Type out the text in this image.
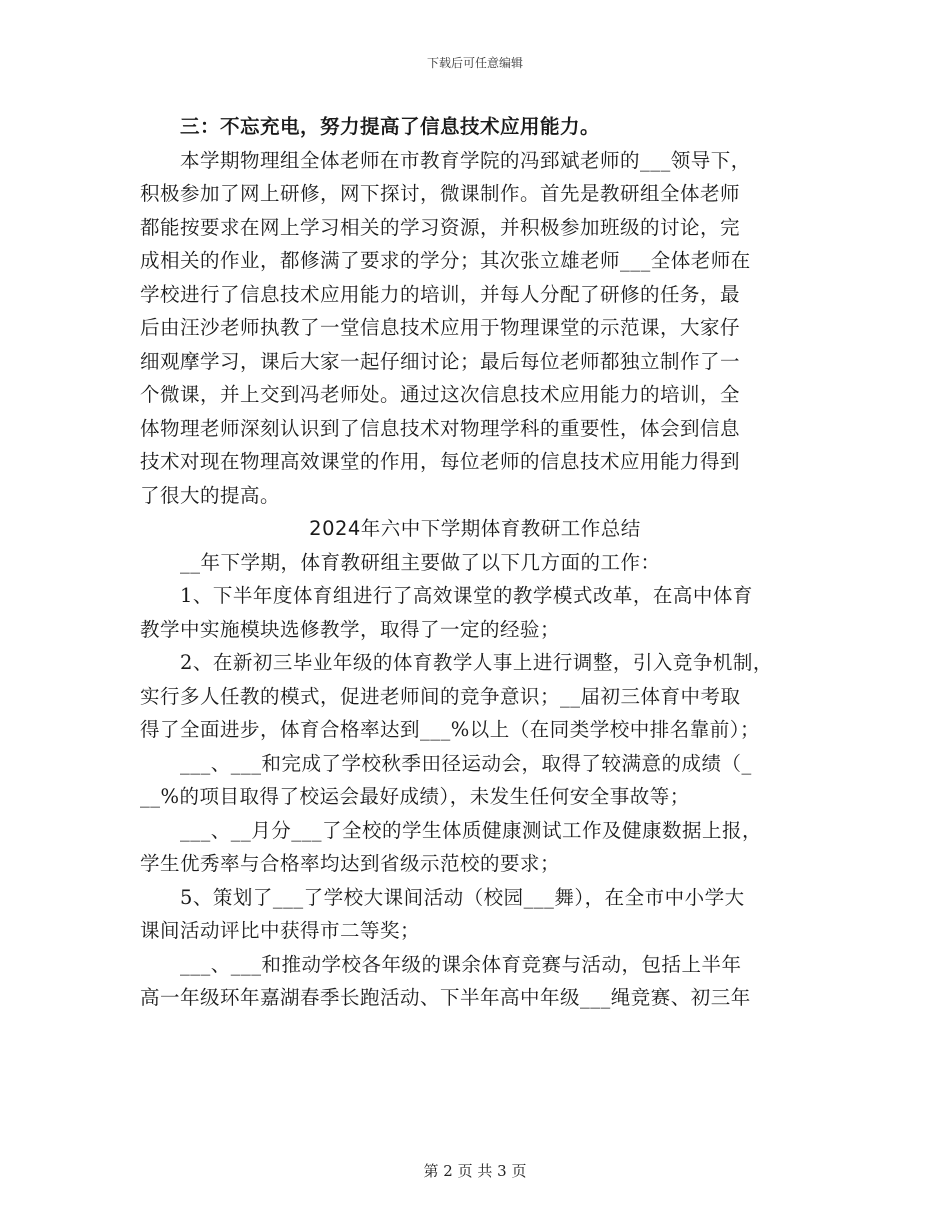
下载后可任意编辑
三：不忘充电，努力提高了信息技术应用能力。
本学期物理组全体老师在市教育学院的冯郅斌老师的___领导下，
积极参加了网上研修，网下探讨，微课制作。首先是教研组全体老师
都能按要求在网上学习相关的学习资源，并积极参加班级的讨论，完
成相关的作业，都修满了要求的学分；其次张立雄老师___全体老师在
学校进行了信息技术应用能力的培训，并每人分配了研修的任务，最
后由汪沙老师执教了一堂信息技术应用于物理课堂的示范课，大家仔
细观摩学习，课后大家一起仔细讨论；最后每位老师都独立制作了一
个微课，并上交到冯老师处。通过这次信息技术应用能力的培训，全
体物理老师深刻认识到了信息技术对物理学科的重要性，体会到信息
技术对现在物理高效课堂的作用，每位老师的信息技术应用能力得到
了很大的提高。
2024年六中下学期体育教研工作总结
__年下学期，体育教研组主要做了以下几方面的工作：
1、下半年度体育组进行了高效课堂的教学模式改革，在高中体育
教学中实施模块选修教学，取得了一定的经验；
2、在新初三毕业年级的体育教学人事上进行调整，引入竞争机制，
实行多人任教的模式，促进老师间的竞争意识；__届初三体育中考取
得了全面进步，体育合格率达到___%以上（在同类学校中排名靠前）；
___、___和完成了学校秋季田径运动会，取得了较满意的成绩（_
__%的项目取得了校运会最好成绩），未发生任何安全事故等；
___、__月分___了全校的学生体质健康测试工作及健康数据上报，
学生优秀率与合格率均达到省级示范校的要求；
5、策划了___了学校大课间活动（校园___舞），在全市中小学大
课间活动评比中获得市二等奖；
___、___和推动学校各年级的课余体育竞赛与活动，包括上半年
高一年级环年嘉湖春季长跑活动、下半年高中年级___绳竞赛、初三年
第 2 页 共 3 页
